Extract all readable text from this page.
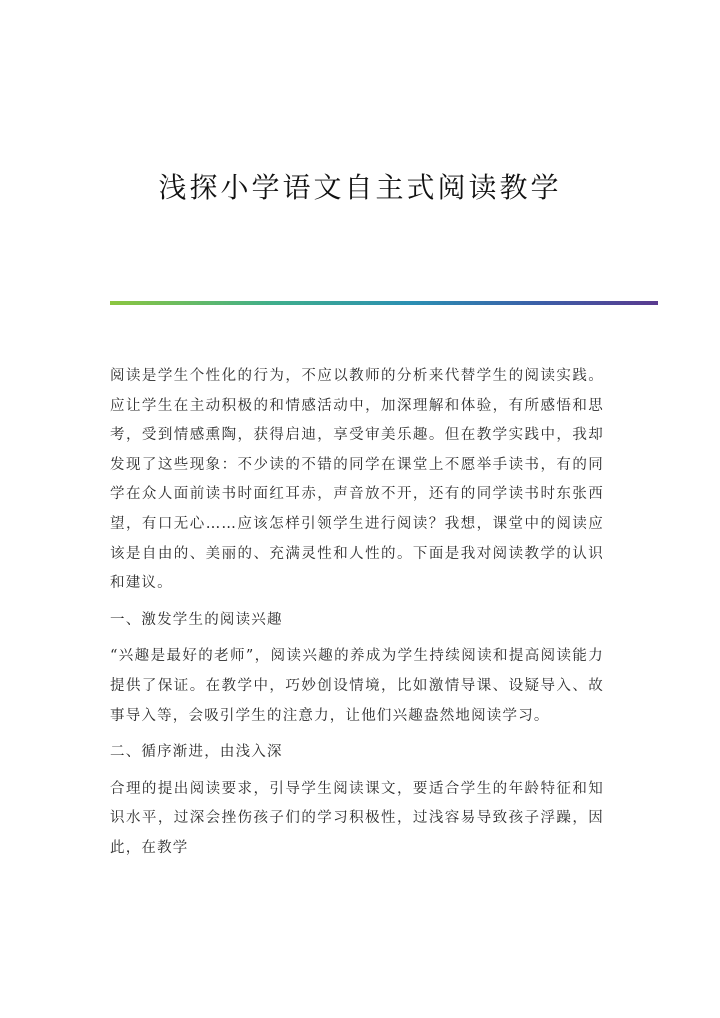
浅探小学语文自主式阅读教学

阅读是学生个性化的行为，不应以教师的分析来代替学生的阅读实践。应让学生在主动积极的和情感活动中，加深理解和体验，有所感悟和思考，受到情感熏陶，获得启迪，享受审美乐趣。但在教学实践中，我却发现了这些现象：不少读的不错的同学在课堂上不愿举手读书，有的同学在众人面前读书时面红耳赤，声音放不开，还有的同学读书时东张西望，有口无心……应该怎样引领学生进行阅读？我想，课堂中的阅读应该是自由的、美丽的、充满灵性和人性的。下面是我对阅读教学的认识和建议。

一、激发学生的阅读兴趣

“兴趣是最好的老师”，阅读兴趣的养成为学生持续阅读和提高阅读能力提供了保证。在教学中，巧妙创设情境，比如激情导课、设疑导入、故事导入等，会吸引学生的注意力，让他们兴趣盎然地阅读学习。

二、循序渐进，由浅入深

合理的提出阅读要求，引导学生阅读课文，要适合学生的年龄特征和知识水平，过深会挫伤孩子们的学习积极性，过浅容易导致孩子浮躁，因此，在教学
